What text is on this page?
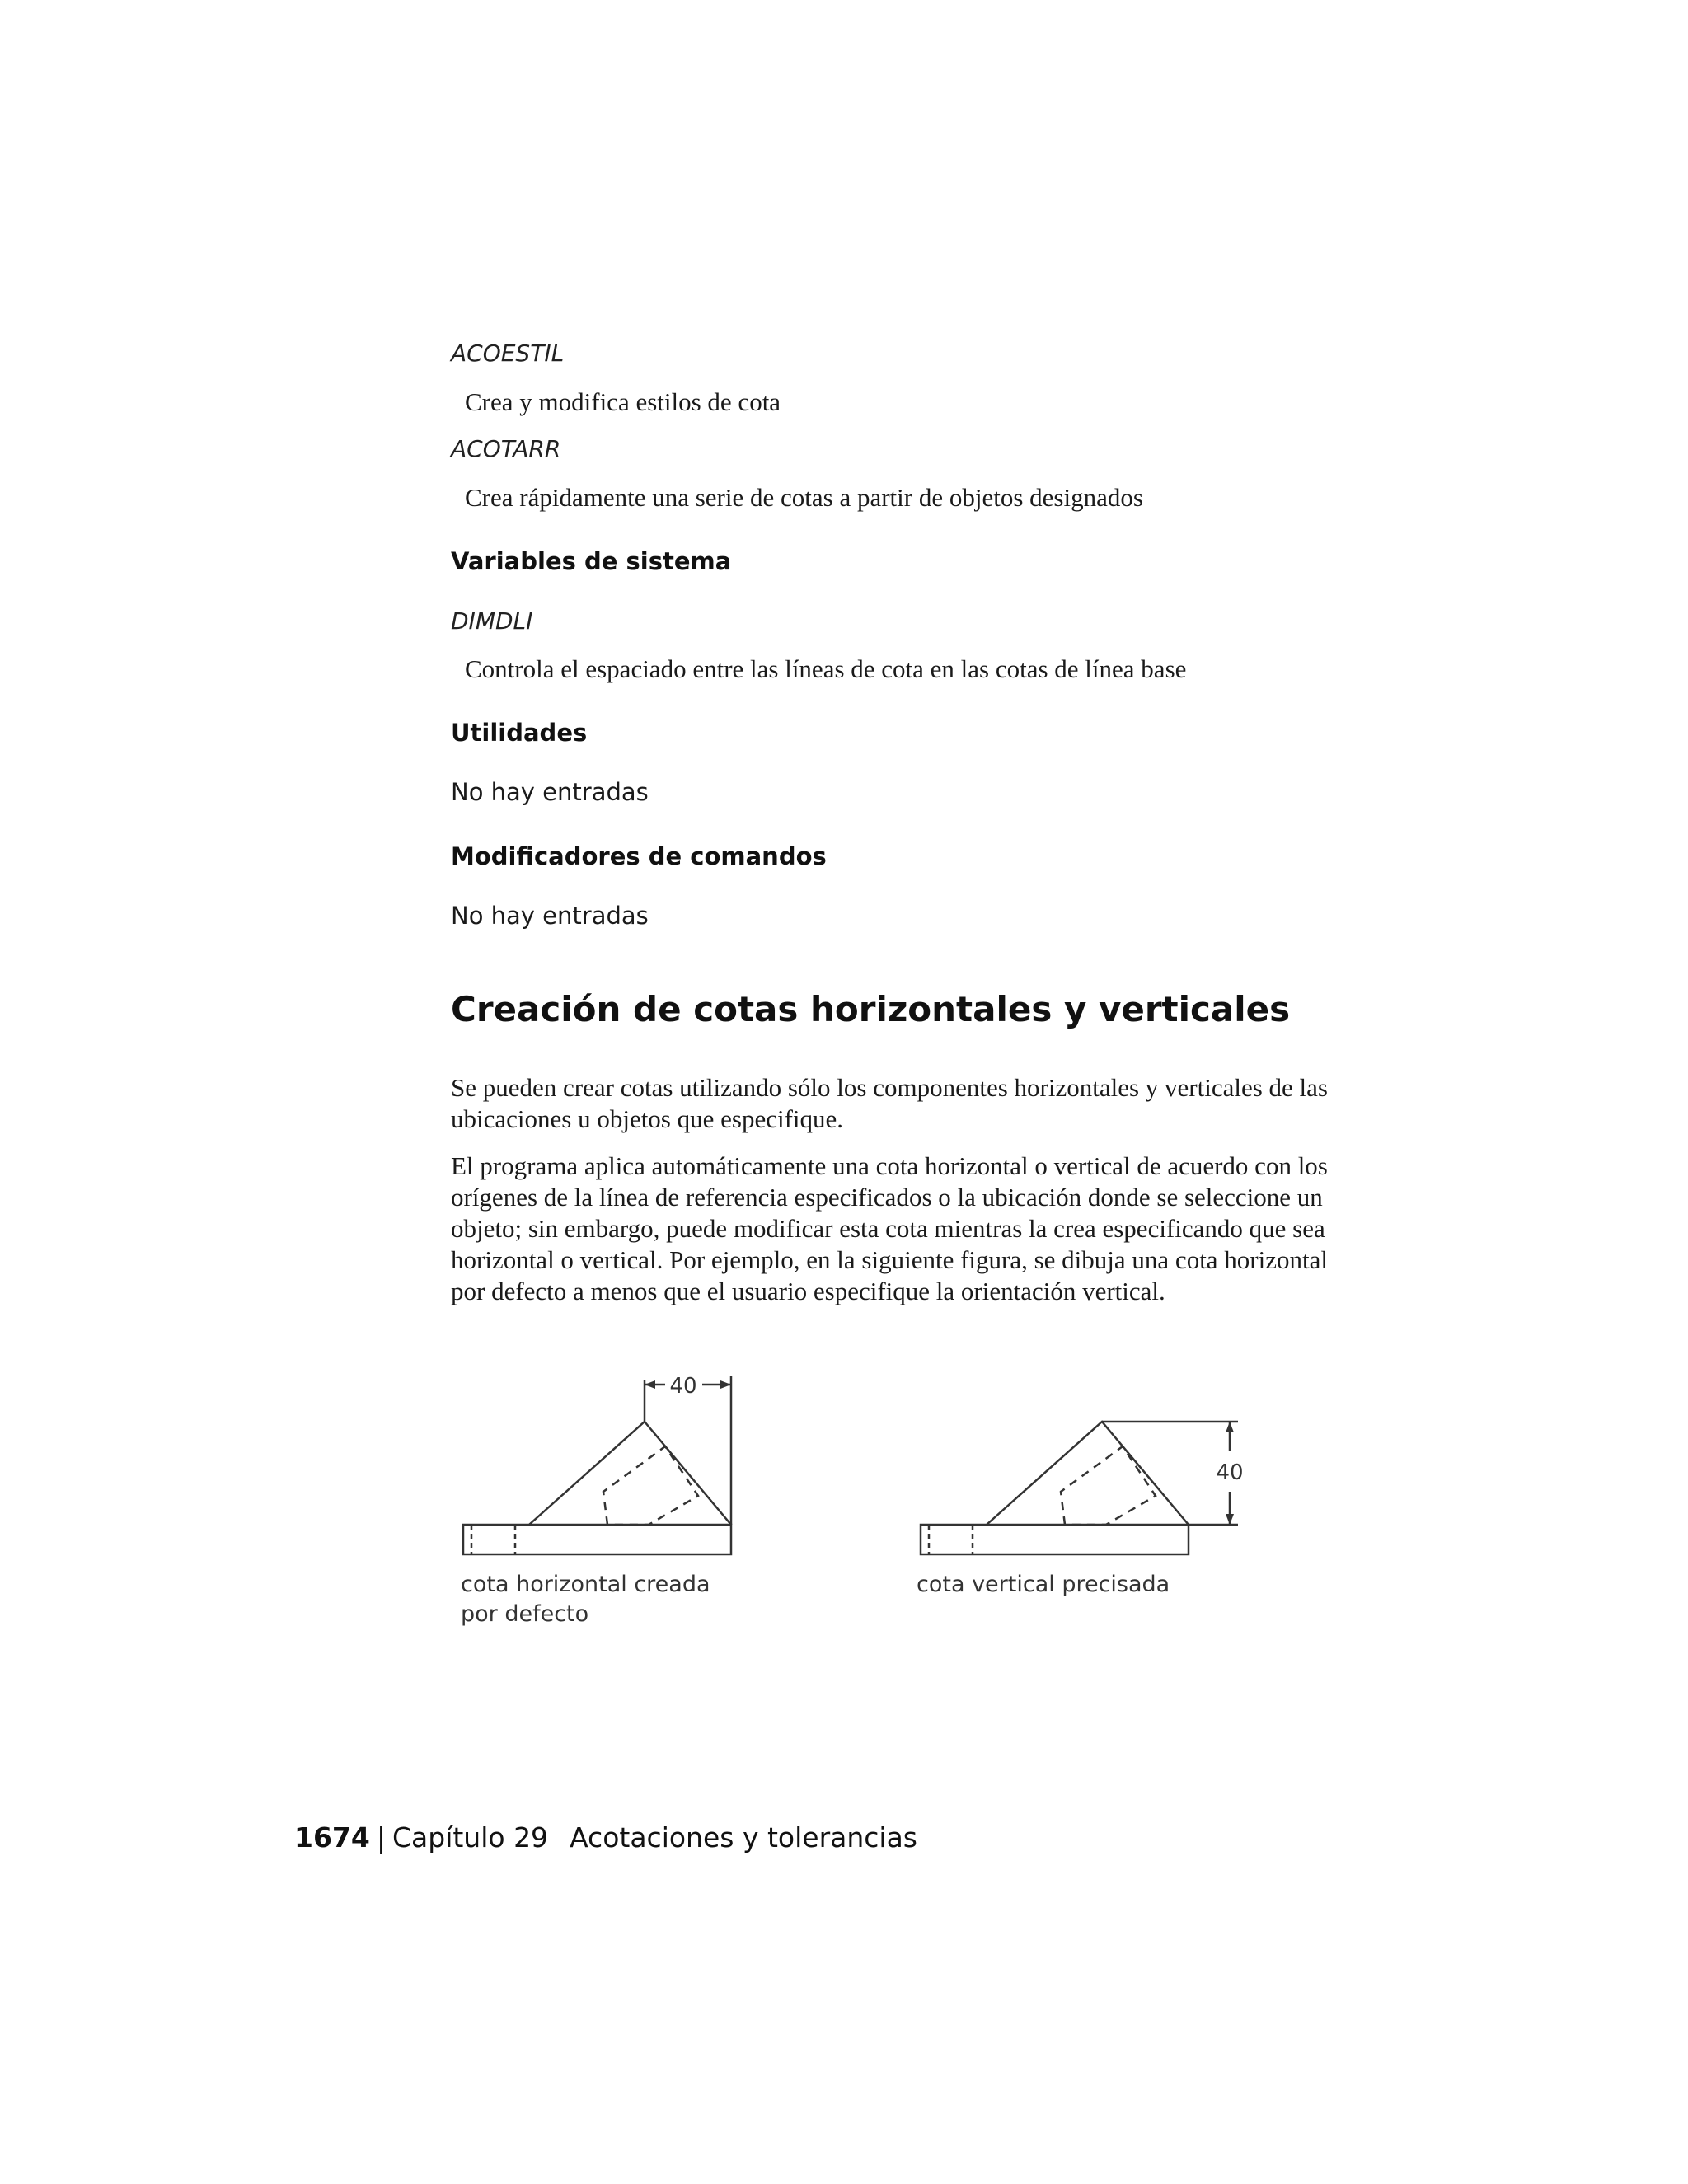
ACOESTIL

Crea y modifica estilos de cota

ACOTARR

Crea rápidamente una serie de cotas a partir de objetos designados

Variables de sistema

DIMDLI

Controla el espaciado entre las líneas de cota en las cotas de línea base

Utilidades

No hay entradas

Modificadores de comandos

No hay entradas

Creación de cotas horizontales y verticales

Se pueden crear cotas utilizando sólo los componentes horizontales y verticales de las ubicaciones u objetos que especifique.

El programa aplica automáticamente una cota horizontal o vertical de acuerdo con los orígenes de la línea de referencia especificados o la ubicación donde se seleccione un objeto; sin embargo, puede modificar esta cota mientras la crea especificando que sea horizontal o vertical. Por ejemplo, en la siguiente figura, se dibuja una cota horizontal por defecto a menos que el usuario especifique la orientación vertical.

40
40

cota horizontal creada

por defecto

cota vertical precisada

1674 | Capítulo 29 Acotaciones y tolerancias
